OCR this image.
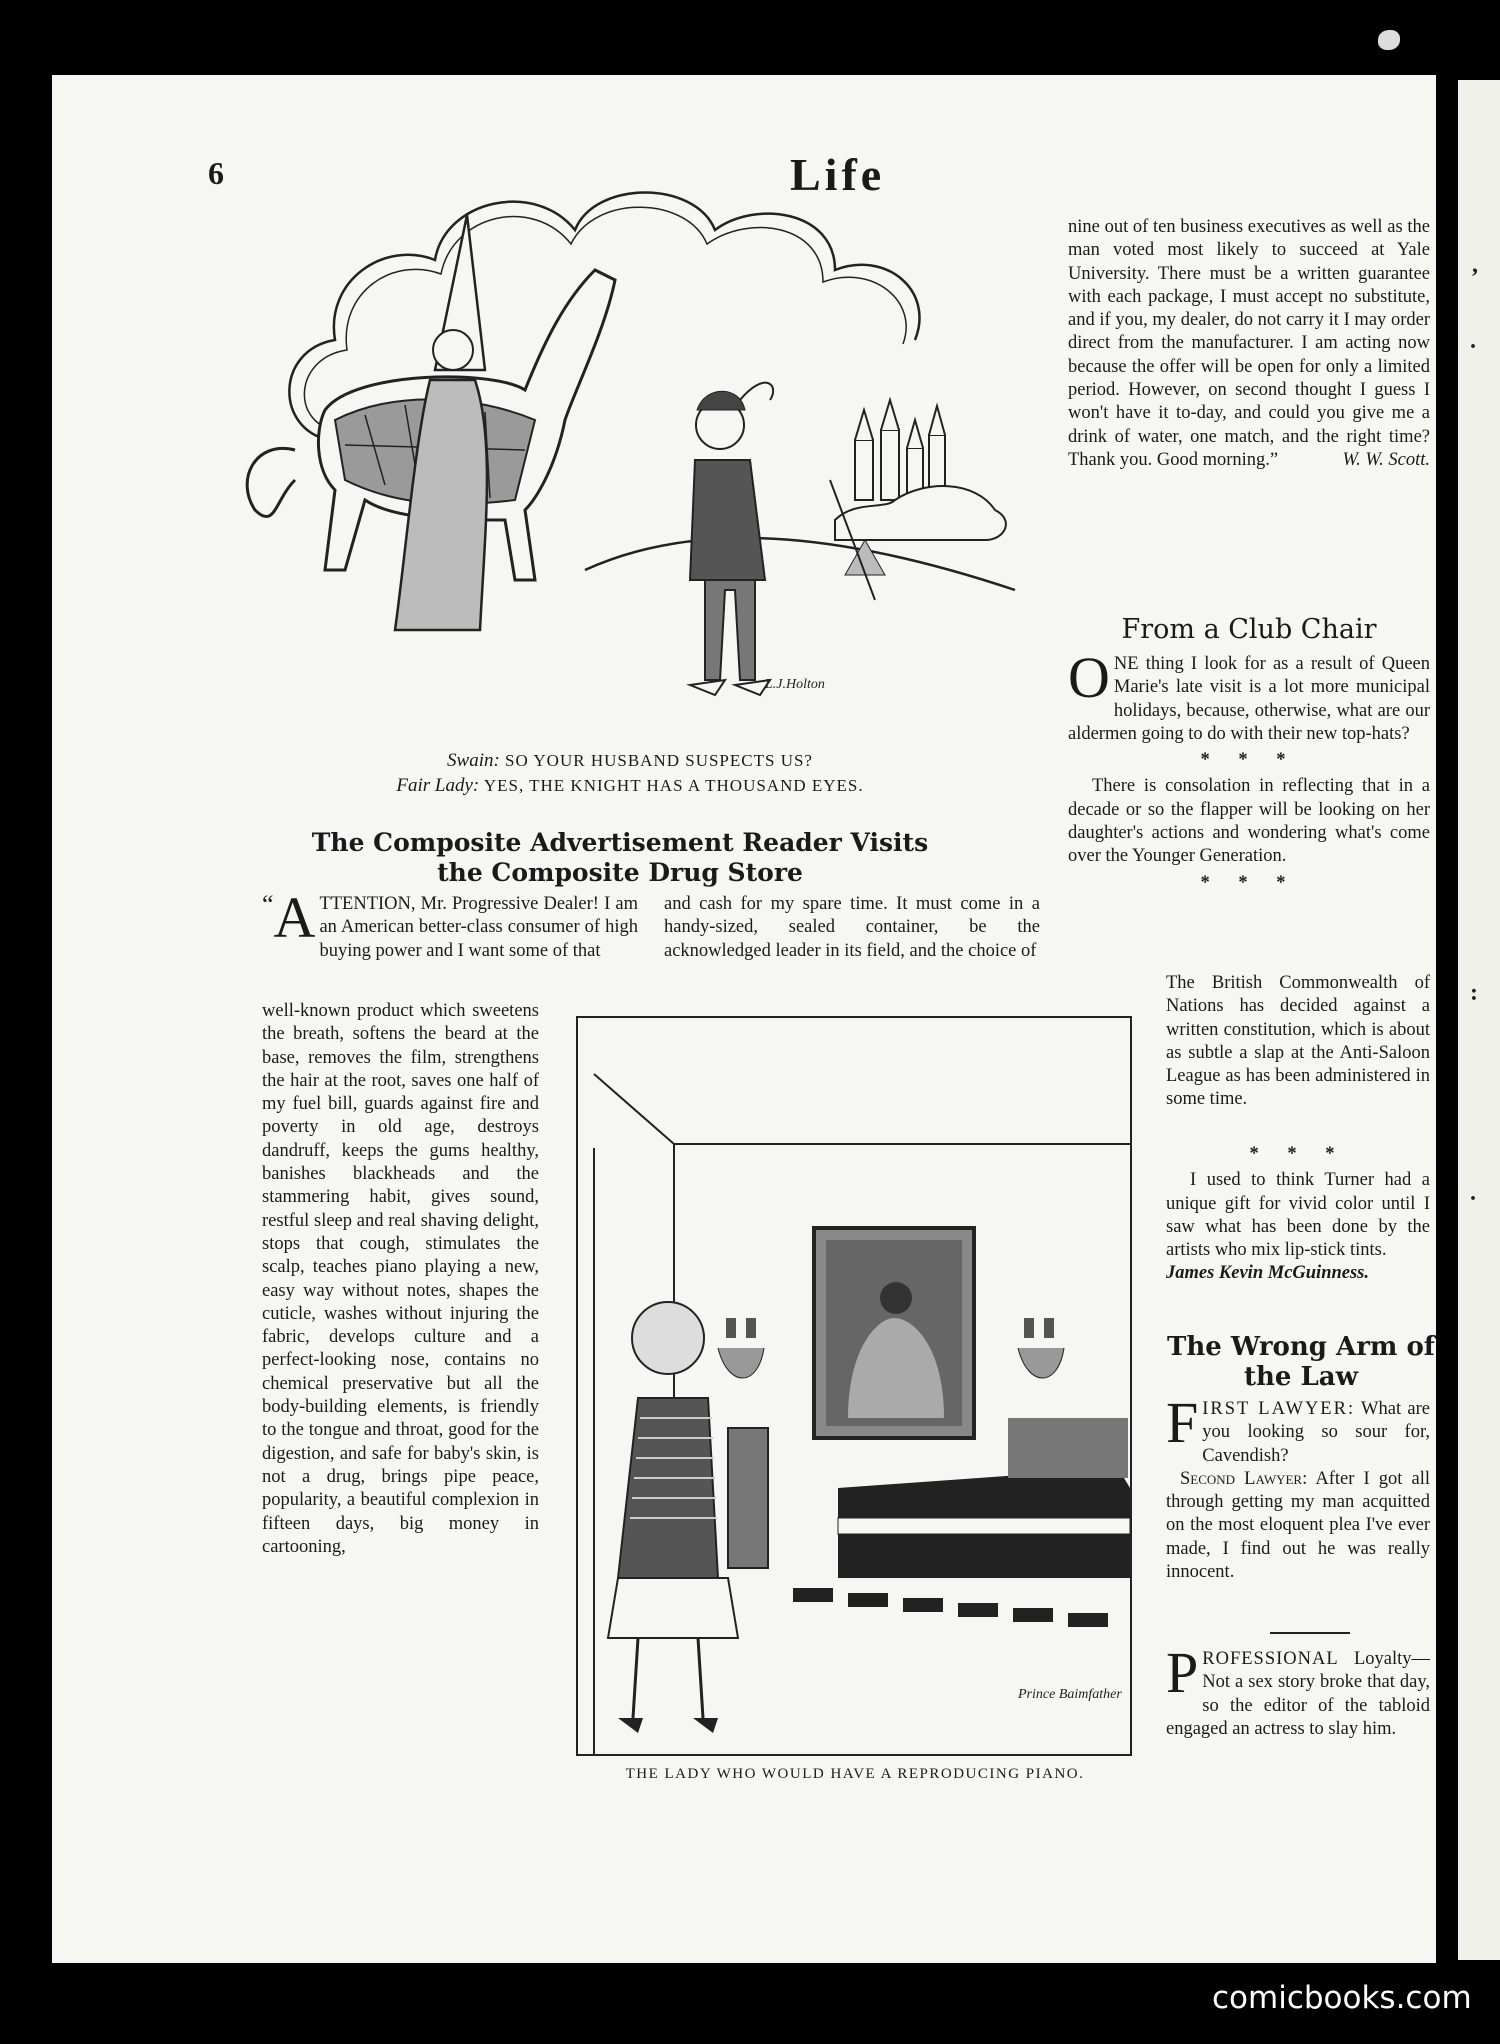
,
.
:
.
6	Life
L.J.Holton
Swain: SO YOUR HUSBAND SUSPECTS US?
Fair Lady: YES, THE KNIGHT HAS A THOUSAND EYES.
The Composite Advertisement Reader Visits
the Composite Drug Store
“ A TTENTION, Mr. Progressive Dealer! I am an American better-class consumer of high buying power and I want some of that
and cash for my spare time. It must come in a handy-sized, sealed container, be the acknowledged leader in its field, and the choice of
well-known product which sweetens the breath, softens the beard at the base, removes the film, strengthens the hair at the root, saves one half of my fuel bill, guards against fire and poverty in old age, destroys dandruff, keeps the gums healthy, banishes blackheads and the stammering habit, gives sound, restful sleep and real shaving delight, stops that cough, stimulates the scalp, teaches piano playing a new, easy way without notes, shapes the cuticle, washes without injuring the fabric, develops culture and a perfect-looking nose, contains no chemical preservative but all the body-building elements, is friendly to the tongue and throat, good for the digestion, and safe for baby's skin, is not a drug, brings pipe peace, popularity, a beautiful complexion in fifteen days, big money in cartooning,
Prince Baimfather
THE LADY WHO WOULD HAVE A REPRODUCING PIANO.

nine out of ten business executives as well as the man voted most likely to succeed at Yale University. There must be a written guarantee with each package, I must accept no substitute, and if you, my dealer, do not carry it I may order direct from the manufacturer. I am acting now because the offer will be open for only a limited period. However, on second thought I guess I won't have it to-day, and could you give me a drink of water, one match, and the right time? Thank you. Good morning.”	W. W. Scott.

From a Club Chair

O NE thing I look for as a result of Queen Marie's late visit is a lot more municipal holidays, because, otherwise, what are our aldermen going to do with their new top-hats?

* * *

There is consolation in reflecting that in a decade or so the flapper will be looking on her daughter's actions and wondering what's come over the Younger Generation.

* * *

The British Commonwealth of Nations has decided against a written constitution, which is about as subtle a slap at the Anti-Saloon League as has been administered in some time.

* * *

I used to think Turner had a unique gift for vivid color until I saw what has been done by the artists who mix lip-stick tints.

James Kevin McGuinness.

The Wrong Arm of
the Law

F IRST LAWYER: What are you looking so sour for, Cavendish?

Second Lawyer: After I got all through getting my man acquitted on the most eloquent plea I've ever made, I find out he was really innocent.

P ROFESSIONAL Loyalty—Not a sex story broke that day, so the editor of the tabloid engaged an actress to slay him.

comicbooks.com
